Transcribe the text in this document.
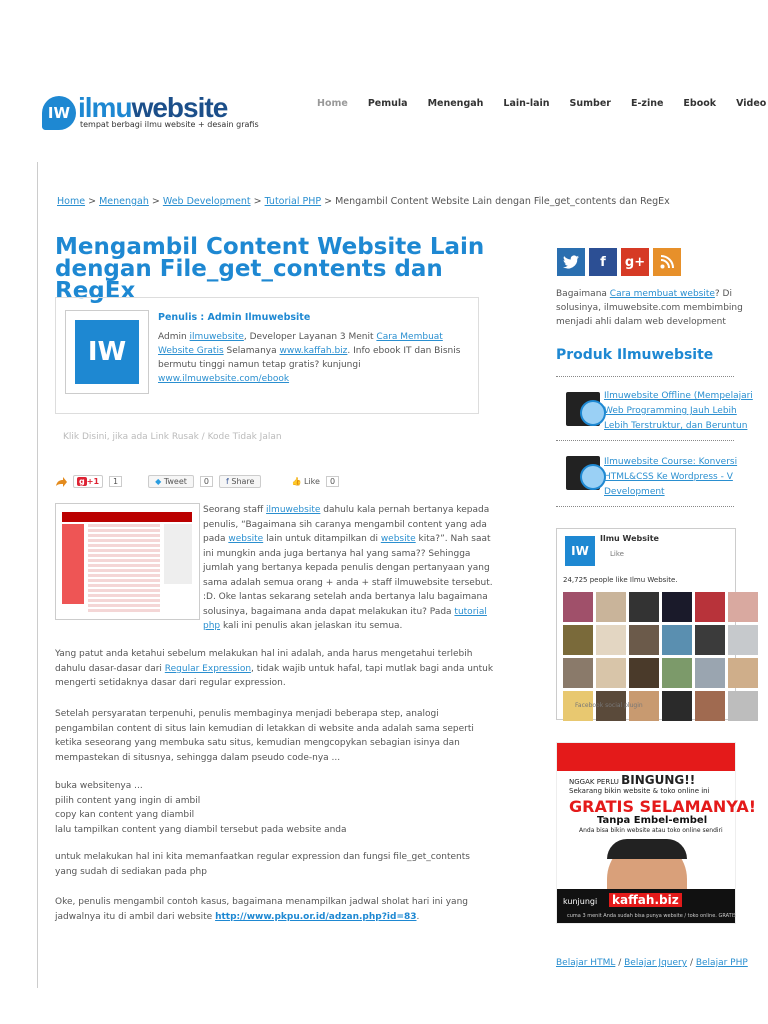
IW ilmuwebsite
tempat berbagi ilmu website + desain grafis
Home Pemula Menengah Lain-lain Sumber E-zine Ebook Video
Home > Menengah > Web Development > Tutorial PHP > Mengambil Content Website Lain dengan File_get_contents dan RegEx
Mengambil Content Website Lain dengan File_get_contents dan RegEx
IW
Penulis : Admin Ilmuwebsite
Admin ilmuwebsite, Developer Layanan 3 Menit Cara Membuat Website Gratis Selamanya www.kaffah.biz. Info ebook IT dan Bisnis bermutu tinggi namun tetap gratis? kunjungi www.ilmuwebsite.com/ebook
Klik Disini, jika ada Link Rusak / Kode Tidak Jalan
g +1	1	◆ Tweet	0	f Share	👍 Like	0
Seorang staff ilmuwebsite dahulu kala pernah bertanya kepada penulis, “Bagaimana sih caranya mengambil content yang ada pada website lain untuk ditampilkan di website kita?”. Nah saat ini mungkin anda juga bertanya hal yang sama?? Sehingga jumlah yang bertanya kepada penulis dengan pertanyaan yang sama adalah semua orang + anda + staff ilmuwebsite tersebut. :D. Oke lantas sekarang setelah anda bertanya lalu bagaimana solusinya, bagaimana anda dapat melakukan itu? Pada tutorial php kali ini penulis akan jelaskan itu semua.
Yang patut anda ketahui sebelum melakukan hal ini adalah, anda harus mengetahui terlebih dahulu dasar-dasar dari Regular Expression, tidak wajib untuk hafal, tapi mutlak bagi anda untuk mengerti setidaknya dasar dari regular expression.
Setelah persyaratan terpenuhi, penulis membaginya menjadi beberapa step, analogi pengambilan content di situs lain kemudian di letakkan di website anda adalah sama seperti ketika seseorang yang membuka satu situs, kemudian mengcopykan sebagian isinya dan mempastekan di situsnya, sehingga dalam pseudo code-nya ...
buka websitenya ...
pilih content yang ingin di ambil
copy kan content yang diambil
lalu tampilkan content yang diambil tersebut pada website anda
untuk melakukan hal ini kita memanfaatkan regular expression dan fungsi file_get_contents yang sudah di sediakan pada php
Oke, penulis mengambil contoh kasus, bagaimana menampilkan jadwal sholat hari ini yang jadwalnya itu di ambil dari website http://www.pkpu.or.id/adzan.php?id=83.
f	g+
Bagaimana Cara membuat website? Di
solusinya, ilmuwebsite.com membimbing
menjadi ahli dalam web development
Produk Ilmuwebsite
Ilmuwebsite Offline (Mempelajari
Web Programming Jauh Lebih
Lebih Terstruktur, dan Beruntun
Ilmuwebsite Course: Konversi
HTML&CSS Ke Wordpress - V
Development
IW
Ilmu Website
Like
24,725 people like Ilmu Website.
Facebook social plugin
NGGAK PERLU BINGUNG!!
Sekarang bikin website & toko online ini
GRATIS SELAMANYA!
Tanpa Embel-embel
Anda bisa bikin website atau toko online sendiri
kunjungi kaffah.biz
cuma 3 menit Anda sudah bisa punya website / toko online. GRATIS
Belajar HTML / Belajar Jquery / Belajar PHP
